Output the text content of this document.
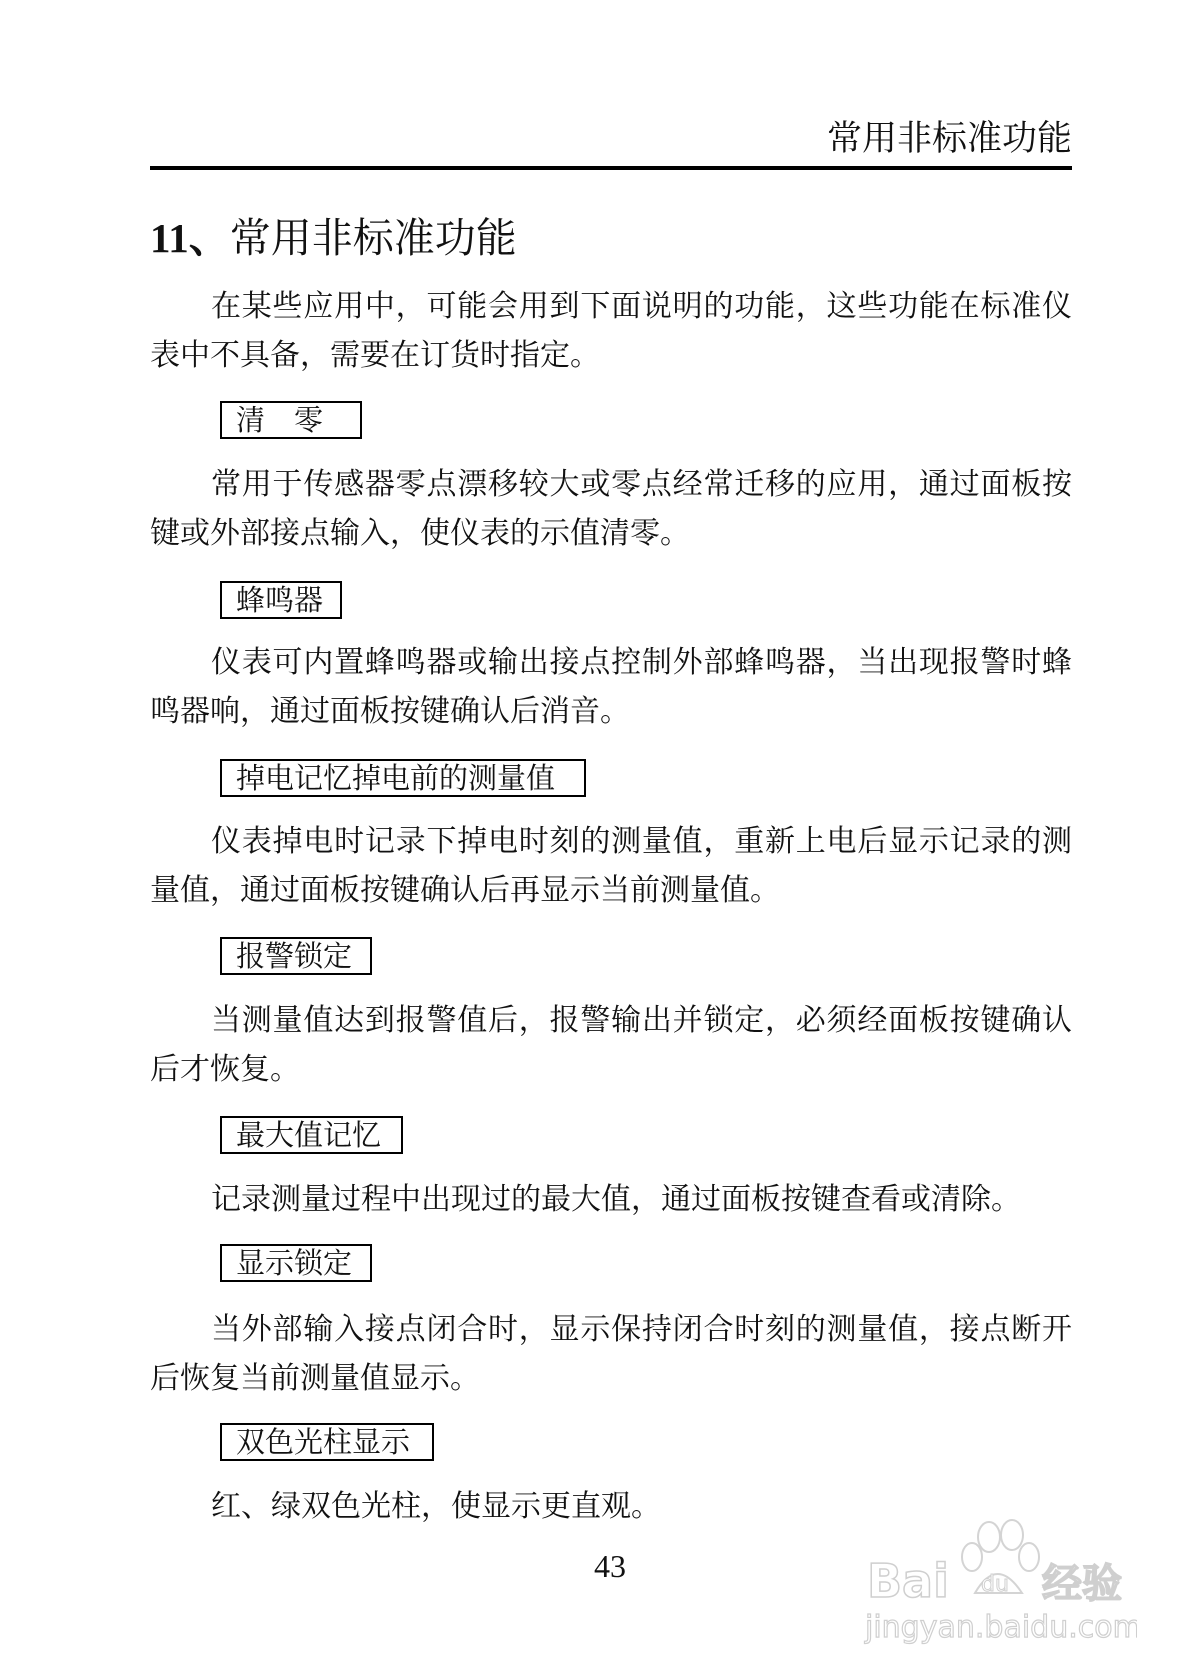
常用非标准功能
11、常用非标准功能
在某些应用中，可能会用到下面说明的功能，这些功能在标准仪表中不具备，需要在订货时指定。
清　零
常用于传感器零点漂移较大或零点经常迁移的应用，通过面板按键或外部接点输入，使仪表的示值清零。
蜂鸣器
仪表可内置蜂鸣器或输出接点控制外部蜂鸣器，当出现报警时蜂鸣器响，通过面板按键确认后消音。
掉电记忆掉电前的测量值
仪表掉电时记录下掉电时刻的测量值，重新上电后显示记录的测量值，通过面板按键确认后再显示当前测量值。
报警锁定
当测量值达到报警值后，报警输出并锁定，必须经面板按键确认后才恢复。
最大值记忆
记录测量过程中出现过的最大值，通过面板按键查看或清除。
显示锁定
当外部输入接点闭合时，显示保持闭合时刻的测量值，接点断开后恢复当前测量值显示。
双色光柱显示
红、绿双色光柱，使显示更直观。
43	Bai du 经验
jingyan.baidu.com
